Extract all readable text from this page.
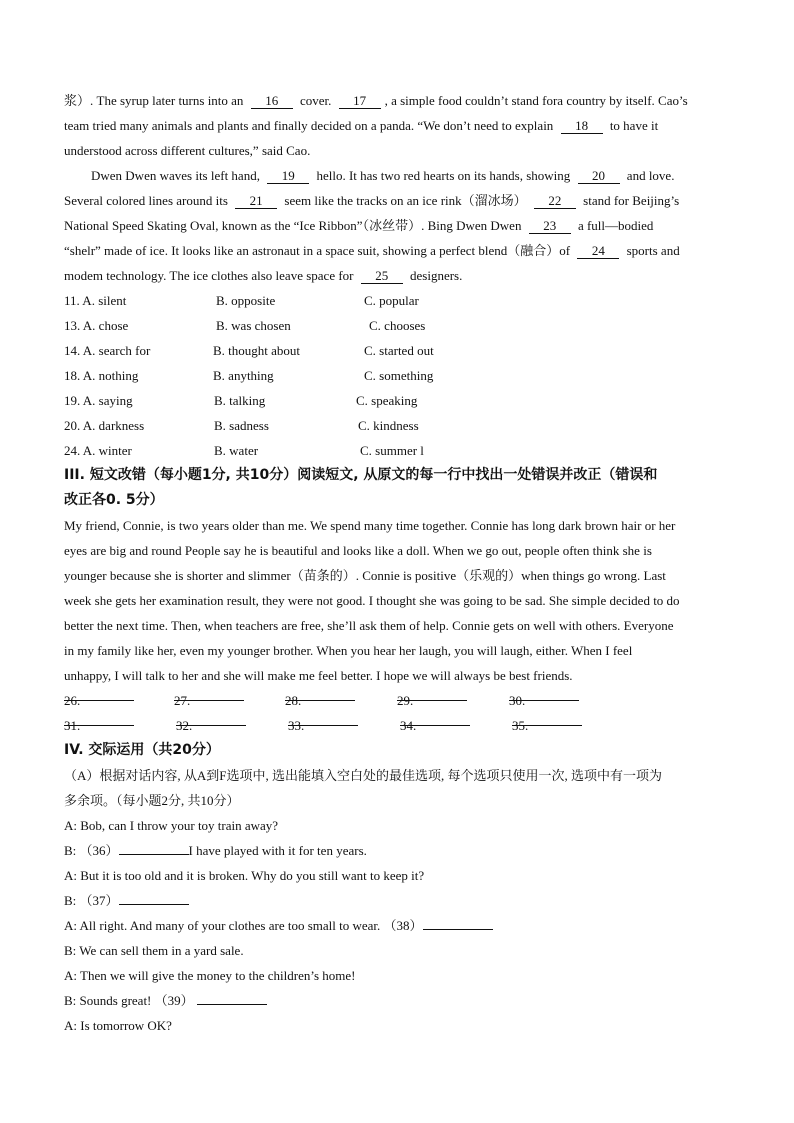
浆）. The syrup later turns into an 16 cover. 17 , a simple food couldn’t stand fora country by itself. Cao’s
team tried many animals and plants and finally decided on a panda. “We don’t need to explain 18 to have it
understood across different cultures,” said Cao.
Dwen Dwen waves its left hand, 19 hello. It has two red hearts on its hands, showing 20 and love.
Several colored lines around its 21 seem like the tracks on an ice rink（溜冰场） 22 stand for Beijing’s
National Speed Skating Oval, known as the “Ice Ribbon”（冰丝带）. Bing Dwen Dwen 23 a full—bodied
“shelr” made of ice. It looks like an astronaut in a space suit, showing a perfect blend（融合）of 24 sports and
modem technology. The ice clothes also leave space for 25 designers.
11. A. silent	B. opposite	C. popular
13. A. chose	B. was chosen	C. chooses
14. A. search for	B. thought about	C. started out
18. A. nothing	B. anything	C. something
19. A. saying	B. talking	C. speaking
20. A. darkness	B. sadness	C. kindness
24. A. winter	B. water	C. summer l
III. 短文改错（每小题1分, 共10分）阅读短文, 从原文的每一行中找出一处错误并改正（错误和
改正各0. 5分）
My friend, Connie, is two years older than me. We spend many time together. Connie has long dark brown hair or her
eyes are big and round People say he is beautiful and looks like a doll. When we go out, people often think she is
younger because she is shorter and slimmer（苗条的）. Connie is positive（乐观的）when things go wrong. Last
week she gets her examination result, they were not good. I thought she was going to be sad. She simple decided to do
better the next time. Then, when teachers are free, she’ll ask them of help. Connie gets on well with others. Everyone
in my family like her, even my younger brother. When you hear her laugh, you will laugh, either. When I feel
unhappy, I will talk to her and she will make me feel better. I hope we will always be best friends.
26.	27.	28.	29.	30.
31.	32.	33.	34.	35.
IV. 交际运用（共20分）
（A）根据对话内容, 从A到F选项中, 选出能填入空白处的最佳选项, 每个选项只使用一次, 选项中有一项为
多余项。（每小题2分, 共10分）
A: Bob, can I throw your toy train away?
B: （36）	I have played with it for ten years.
A: But it is too old and it is broken. Why do you still want to keep it?
B: （37）
A: All right. And many of your clothes are too small to wear. （38）
B: We can sell them in a yard sale.
A: Then we will give the money to the children’s home!
B: Sounds great! （39）
A: Is tomorrow OK?
